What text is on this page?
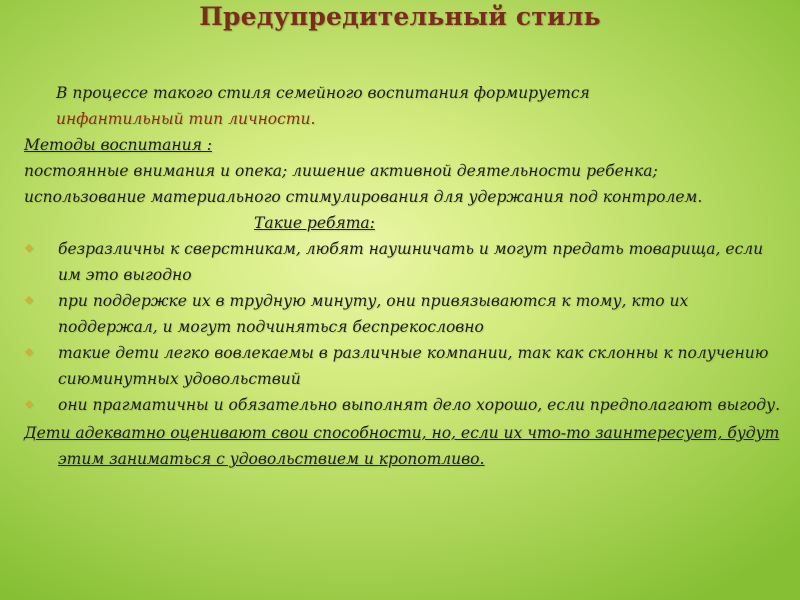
Предупредительный стиль

В процессе такого стиля семейного воспитания формируется
инфантильный тип личности.

Методы воспитания :

постоянные внимания и опека; лишение активной деятельности ребенка;

использование материального стимулирования для удержания под контролем.

Такие ребята:

❖ безразличны к сверстникам, любят наушничать и могут предать товарища, если им это выгодно
❖ при поддержке их в трудную минуту, они привязываются к тому, кто их поддержал, и могут подчиняться беспрекословно
❖ такие дети легко вовлекаемы в различные компании, так как склонны к получению сиюминутных удовольствий
❖ они прагматичны и обязательно выполнят дело хорошо, если предполагают выгоду.

Дети адекватно оценивают свои способности, но, если их что-то заинтересует, будут этим заниматься с удовольствием и кропотливо.
